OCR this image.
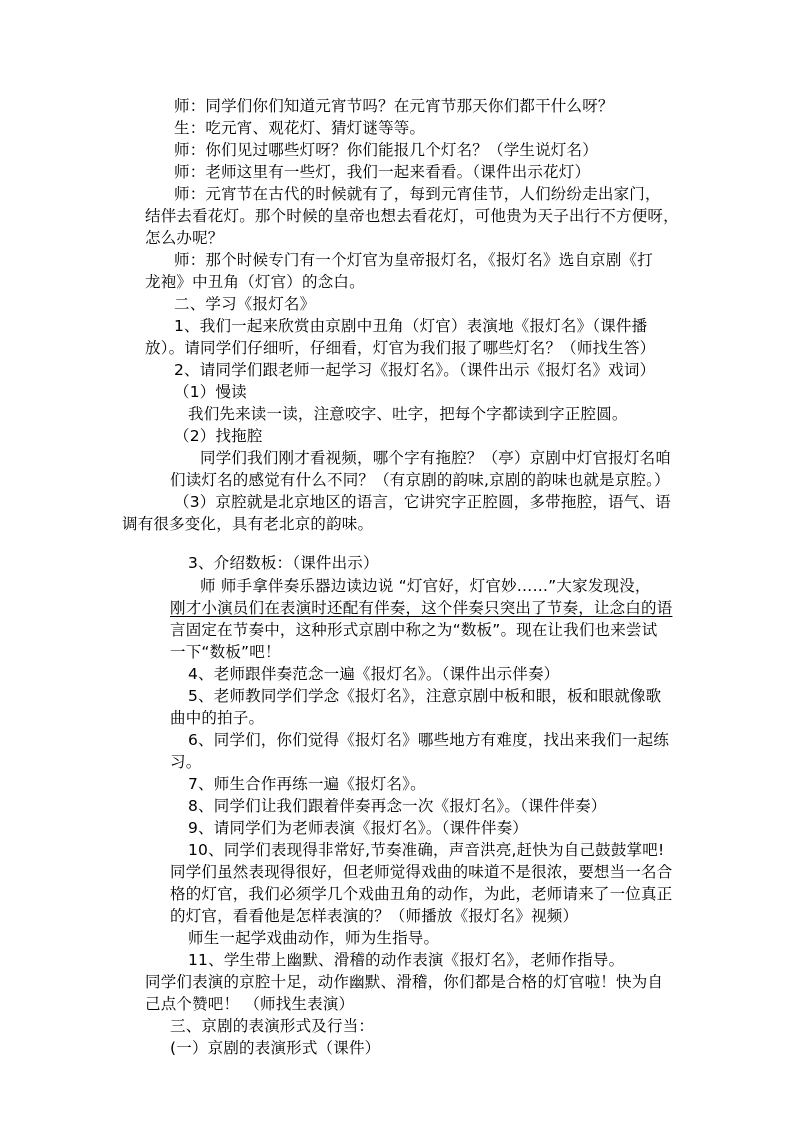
师：同学们你们知道元宵节吗？在元宵节那天你们都干什么呀？
生：吃元宵、观花灯、猜灯谜等等。
师：你们见过哪些灯呀？你们能报几个灯名？（学生说灯名）
师：老师这里有一些灯，我们一起来看看。（课件出示花灯）
师：元宵节在古代的时候就有了，每到元宵佳节，人们纷纷走出家门，
结伴去看花灯。那个时候的皇帝也想去看花灯，可他贵为天子出行不方便呀，
怎么办呢？
师：那个时候专门有一个灯官为皇帝报灯名，《报灯名》选自京剧《打
龙袍》中丑角（灯官）的念白。
二、学习《报灯名》
1、我们一起来欣赏由京剧中丑角（灯官）表演地《报灯名》（课件播
放）。请同学们仔细听，仔细看，灯官为我们报了哪些灯名？（师找生答）
2、请同学们跟老师一起学习《报灯名》。（课件出示《报灯名》戏词）
（1）慢读
我们先来读一读，注意咬字、吐字，把每个字都读到字正腔圆。
（2）找拖腔
同学们我们刚才看视频，哪个字有拖腔？（亭）京剧中灯官报灯名咱
们读灯名的感觉有什么不同？（有京剧的韵味,京剧的韵味也就是京腔。）
（3）京腔就是北京地区的语言，它讲究字正腔圆，多带拖腔，语气、语
调有很多变化，具有老北京的韵味。
3、介绍数板：（课件出示）
师 师手拿伴奏乐器边读边说 “灯官好，灯官妙……”大家发现没，
刚才小演员们在表演时还配有伴奏，这个伴奏只突出了节奏，让念白的语
言固定在节奏中，这种形式京剧中称之为“数板”。现在让我们也来尝试
一下“数板”吧！
4、老师跟伴奏范念一遍《报灯名》。（课件出示伴奏）
5、老师教同学们学念《报灯名》，注意京剧中板和眼，板和眼就像歌
曲中的拍子。
6、同学们，你们觉得《报灯名》哪些地方有难度，找出来我们一起练
习。
7、师生合作再练一遍《报灯名》。
8、同学们让我们跟着伴奏再念一次《报灯名》。（课件伴奏）
9、请同学们为老师表演《报灯名》。（课件伴奏）
10、同学们表现得非常好,节奏准确，声音洪亮,赶快为自己鼓鼓掌吧!
同学们虽然表现得很好，但老师觉得戏曲的味道不是很浓，要想当一名合
格的灯官，我们必须学几个戏曲丑角的动作，为此，老师请来了一位真正
的灯官，看看他是怎样表演的？（师播放《报灯名》视频）
师生一起学戏曲动作，师为生指导。
11、学生带上幽默、滑稽的动作表演《报灯名》，老师作指导。
同学们表演的京腔十足，动作幽默、滑稽，你们都是合格的灯官啦！快为自
己点个赞吧！ （师找生表演）
三、京剧的表演形式及行当：
(一）京剧的表演形式（课件）
